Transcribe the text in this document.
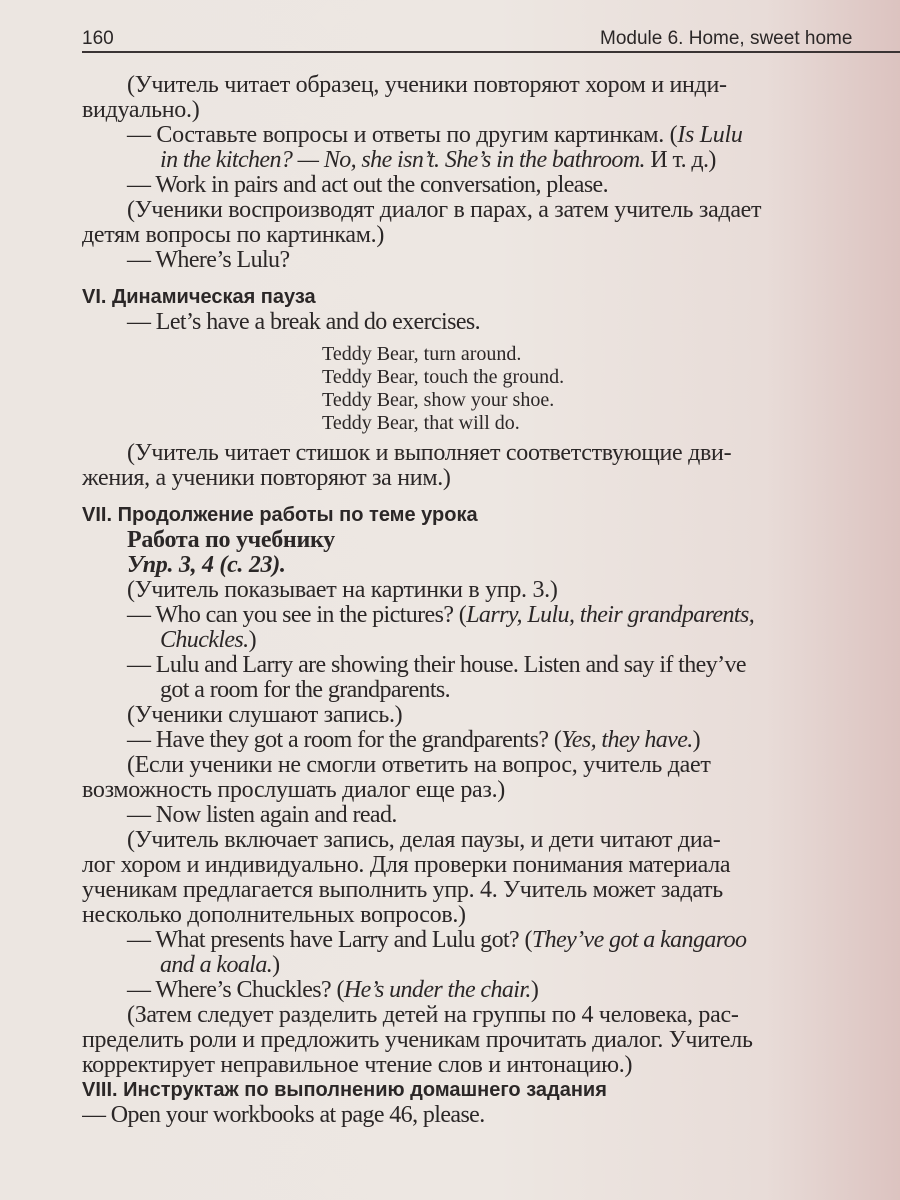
160	Module 6. Home, sweet home
(Учитель читает образец, ученики повторяют хором и инди-
видуально.)
— Составьте вопросы и ответы по другим картинкам. (Is Lulu
in the kitchen? — No, she isn’t. She’s in the bathroom. И т. д.)
— Work in pairs and act out the conversation, please.
(Ученики воспроизводят диалог в парах, а затем учитель задает
детям вопросы по картинкам.)
— Where’s Lulu?
VI. Динамическая пауза
— Let’s have a break and do exercises.
Teddy Bear, turn around.
Teddy Bear, touch the ground.
Teddy Bear, show your shoe.
Teddy Bear, that will do.
(Учитель читает стишок и выполняет соответствующие дви-
жения, а ученики повторяют за ним.)
VII. Продолжение работы по теме урока
Работа по учебнику
Упр. 3, 4 (с. 23).
(Учитель показывает на картинки в упр. 3.)
— Who can you see in the pictures? (Larry, Lulu, their grandparents,
Chuckles.)
— Lulu and Larry are showing their house. Listen and say if they’ve
got a room for the grandparents.
(Ученики слушают запись.)
— Have they got a room for the grandparents? (Yes, they have.)
(Если ученики не смогли ответить на вопрос, учитель дает
возможность прослушать диалог еще раз.)
— Now listen again and read.
(Учитель включает запись, делая паузы, и дети читают диа-
лог хором и индивидуально. Для проверки понимания материала
ученикам предлагается выполнить упр. 4. Учитель может задать
несколько дополнительных вопросов.)
— What presents have Larry and Lulu got? (They’ve got a kangaroo
and a koala.)
— Where’s Chuckles? (He’s under the chair.)
(Затем следует разделить детей на группы по 4 человека, рас-
пределить роли и предложить ученикам прочитать диалог. Учитель
корректирует неправильное чтение слов и интонацию.)
VIII. Инструктаж по выполнению домашнего задания
— Open your workbooks at page 46, please.
